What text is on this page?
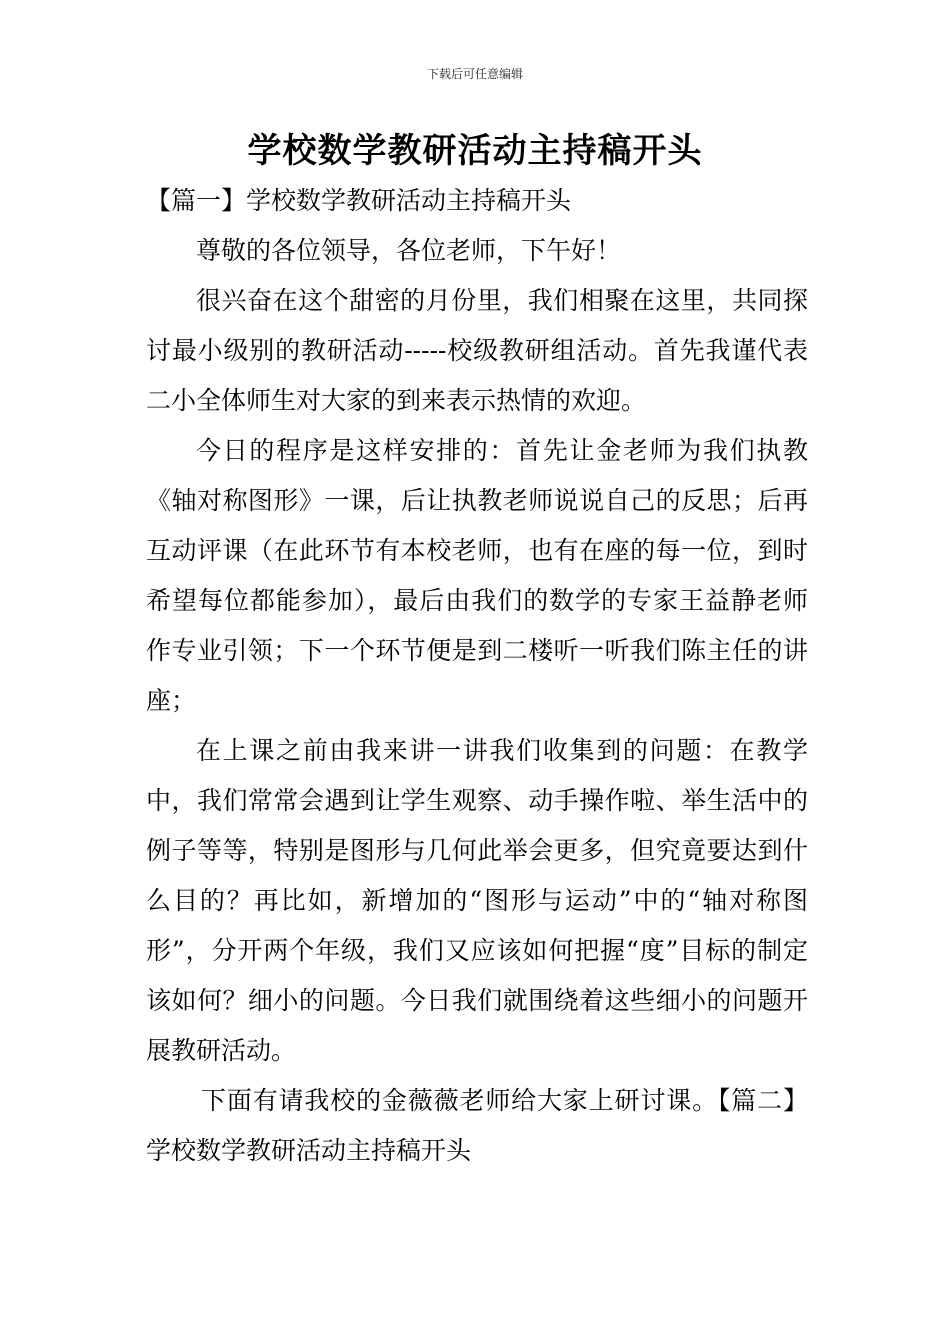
下载后可任意编辑
学校数学教研活动主持稿开头

【篇一】学校数学教研活动主持稿开头

尊敬的各位领导，各位老师，下午好！

很兴奋在这个甜密的月份里，我们相聚在这里，共同探讨最小级别的教研活动-----校级教研组活动。首先我谨代表二小全体师生对大家的到来表示热情的欢迎。

今日的程序是这样安排的：首先让金老师为我们执教《轴对称图形》一课，后让执教老师说说自己的反思；后再互动评课（在此环节有本校老师，也有在座的每一位，到时希望每位都能参加），最后由我们的数学的专家王益静老师作专业引领；下一个环节便是到二楼听一听我们陈主任的讲座；

在上课之前由我来讲一讲我们收集到的问题：在教学中，我们常常会遇到让学生观察、动手操作啦、举生活中的例子等等，特别是图形与几何此举会更多，但究竟要达到什么目的？再比如，新增加的“图形与运动”中的“轴对称图形”，分开两个年级，我们又应该如何把握“度”目标的制定该如何？细小的问题。今日我们就围绕着这些细小的问题开展教研活动。

下面有请我校的金薇薇老师给大家上研讨课。【篇二】学校数学教研活动主持稿开头
